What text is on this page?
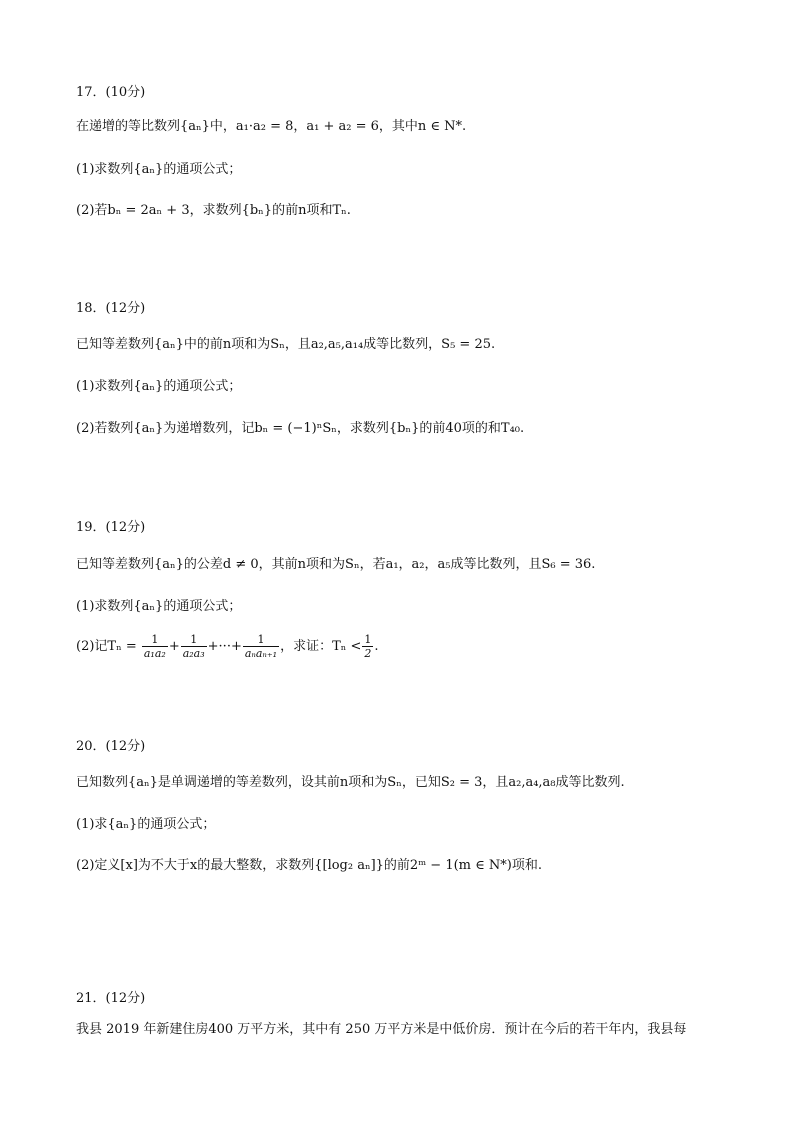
17．(10分)
在递增的等比数列{aₙ}中，a₁·a₂ = 8，a₁ + a₂ = 6，其中n ∈ N*.
(1)求数列{aₙ}的通项公式；
(2)若bₙ = 2aₙ + 3，求数列{bₙ}的前n项和Tₙ.
18．(12分)
已知等差数列{aₙ}中的前n项和为Sₙ，且a₂,a₅,a₁₄成等比数列，S₅ = 25.
(1)求数列{aₙ}的通项公式；
(2)若数列{aₙ}为递增数列，记bₙ = (−1)ⁿSₙ，求数列{bₙ}的前40项的和T₄₀.
19．(12分)
已知等差数列{aₙ}的公差d ≠ 0，其前n项和为Sₙ，若a₁，a₂，a₅成等比数列，且S₆ = 36.
(1)求数列{aₙ}的通项公式；
(2)记$T_n = \frac{1}{\text{a₁a₂}} + \frac{1}{\text{a₂a₃}}$ +···+ $\frac{1}{\text{aₙaₙ₊₁}}$ ，求证：$T_n < \frac{1}{2}$ .
20．(12分)
已知数列{aₙ}是单调递增的等差数列，设其前n项和为Sₙ，已知S₂ = 3，且a₂,a₄,a₈成等比数列.
(1)求{aₙ}的通项公式；
(2)定义[x]为不大于x的最大整数，求数列{[log₂ aₙ]}的前2ᵐ − 1(m ∈ N*)项和.
21．(12分)
我县 2019 年新建住房400 万平方米，其中有 250 万平方米是中低价房．预计在今后的若干年内，我县每
